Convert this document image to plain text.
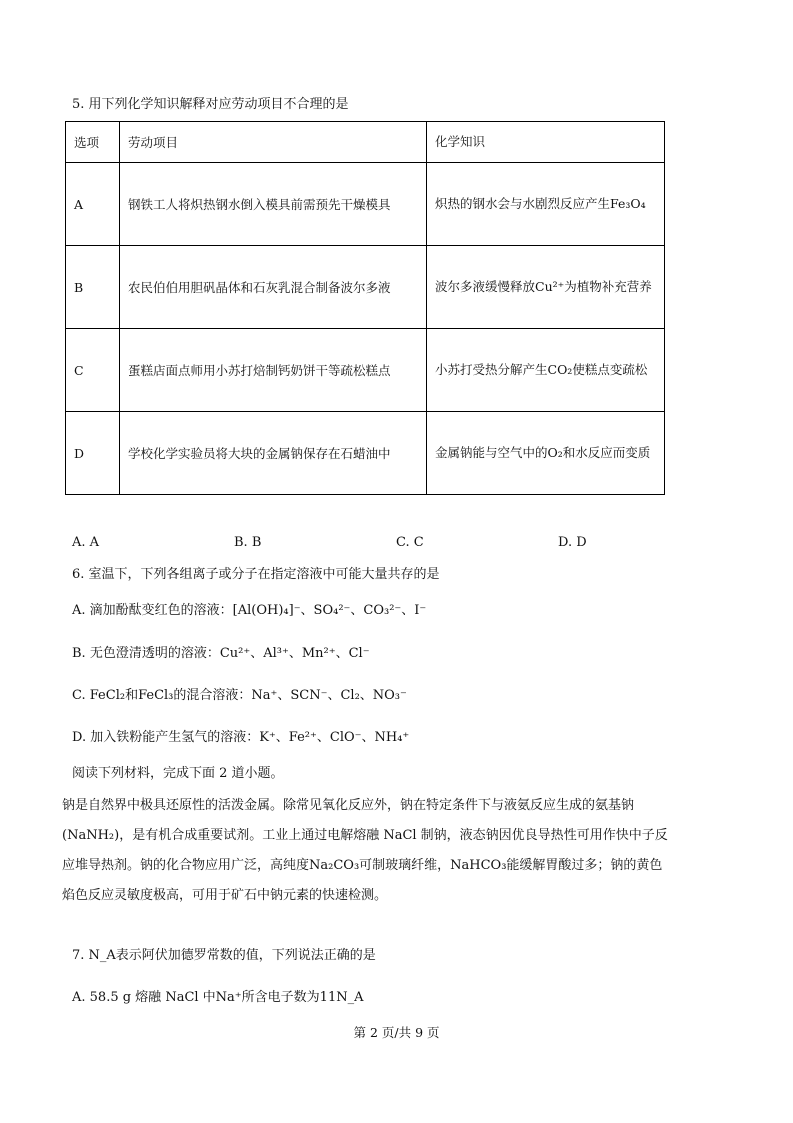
5. 用下列化学知识解释对应劳动项目不合理的是
选项	劳动项目	化学知识
A	钢铁工人将炽热钢水倒入模具前需预先干燥模具	炽热的钢水会与水剧烈反应产生Fe₃O₄
B	农民伯伯用胆矾晶体和石灰乳混合制备波尔多液	波尔多液缓慢释放Cu²⁺为植物补充营养
C	蛋糕店面点师用小苏打焙制钙奶饼干等疏松糕点	小苏打受热分解产生CO₂使糕点变疏松
D	学校化学实验员将大块的金属钠保存在石蜡油中	金属钠能与空气中的O₂和水反应而变质
A. A	B. B	C. C	D. D
6. 室温下，下列各组离子或分子在指定溶液中可能大量共存的是
A. 滴加酚酞变红色的溶液：[Al(OH)₄]⁻、SO₄²⁻、CO₃²⁻、I⁻
B. 无色澄清透明的溶液：Cu²⁺、Al³⁺、Mn²⁺、Cl⁻
C. FeCl₂和FeCl₃的混合溶液：Na⁺、SCN⁻、Cl₂、NO₃⁻
D. 加入铁粉能产生氢气的溶液：K⁺、Fe²⁺、ClO⁻、NH₄⁺
阅读下列材料，完成下面 2 道小题。
钠是自然界中极具还原性的活泼金属。除常见氧化反应外，钠在特定条件下与液氨反应生成的氨基钠
(NaNH₂)，是有机合成重要试剂。工业上通过电解熔融 NaCl 制钠，液态钠因优良导热性可用作快中子反
应堆导热剂。钠的化合物应用广泛，高纯度Na₂CO₃可制玻璃纤维，NaHCO₃能缓解胃酸过多；钠的黄色
焰色反应灵敏度极高，可用于矿石中钠元素的快速检测。
7. N_A表示阿伏加德罗常数的值，下列说法正确的是
A. 58.5 g 熔融 NaCl 中Na⁺所含电子数为11N_A
第 2 页/共 9 页
